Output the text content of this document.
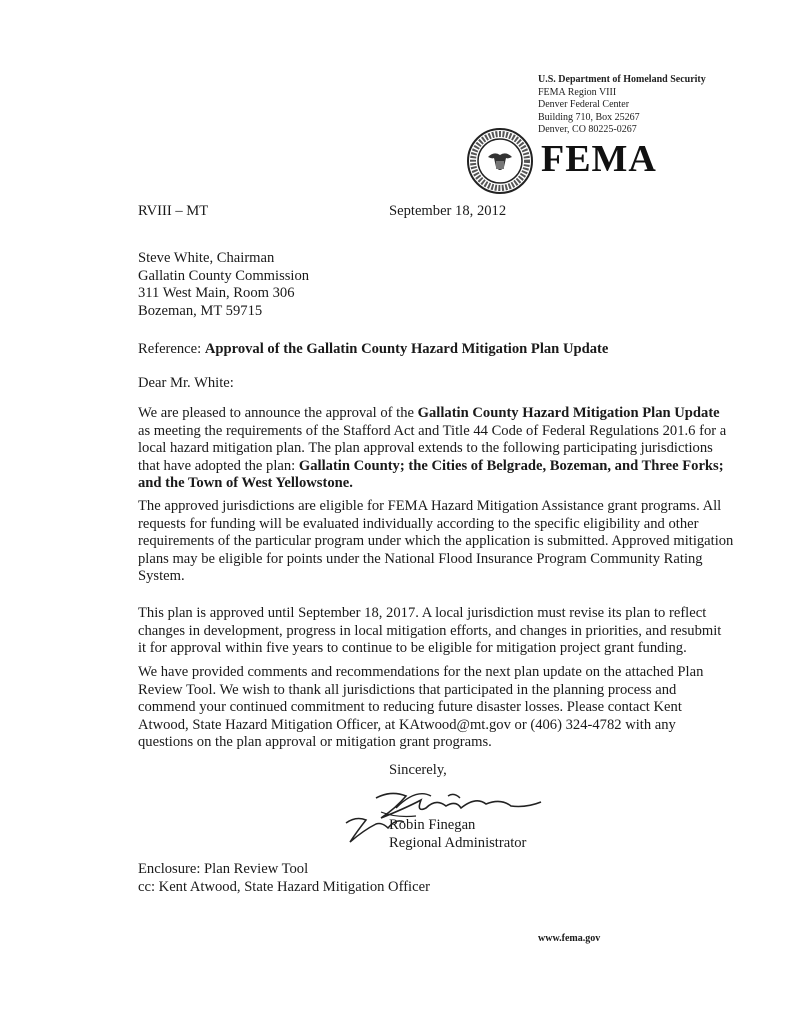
U.S. Department of Homeland Security
FEMA Region VIII
Denver Federal Center
Building 710, Box 25267
Denver, CO 80225-0267
FEMA
RVIII – MT	September 18, 2012
Steve White, Chairman
Gallatin County Commission
311 West Main, Room 306
Bozeman, MT 59715
Reference: Approval of the Gallatin County Hazard Mitigation Plan Update
Dear Mr. White:
We are pleased to announce the approval of the Gallatin County Hazard Mitigation Plan Update
as meeting the requirements of the Stafford Act and Title 44 Code of Federal Regulations 201.6 for a
local hazard mitigation plan. The plan approval extends to the following participating jurisdictions
that have adopted the plan: Gallatin County; the Cities of Belgrade, Bozeman, and Three Forks;
and the Town of West Yellowstone.
The approved jurisdictions are eligible for FEMA Hazard Mitigation Assistance grant programs. All
requests for funding will be evaluated individually according to the specific eligibility and other
requirements of the particular program under which the application is submitted. Approved mitigation
plans may be eligible for points under the National Flood Insurance Program Community Rating
System.
This plan is approved until September 18, 2017. A local jurisdiction must revise its plan to reflect
changes in development, progress in local mitigation efforts, and changes in priorities, and resubmit
it for approval within five years to continue to be eligible for mitigation project grant funding.
We have provided comments and recommendations for the next plan update on the attached Plan
Review Tool. We wish to thank all jurisdictions that participated in the planning process and
commend your continued commitment to reducing future disaster losses. Please contact Kent
Atwood, State Hazard Mitigation Officer, at KAtwood@mt.gov or (406) 324-4782 with any
questions on the plan approval or mitigation grant programs.
Sincerely,
Robin Finegan
Regional Administrator
Enclosure: Plan Review Tool
cc: Kent Atwood, State Hazard Mitigation Officer
www.fema.gov
